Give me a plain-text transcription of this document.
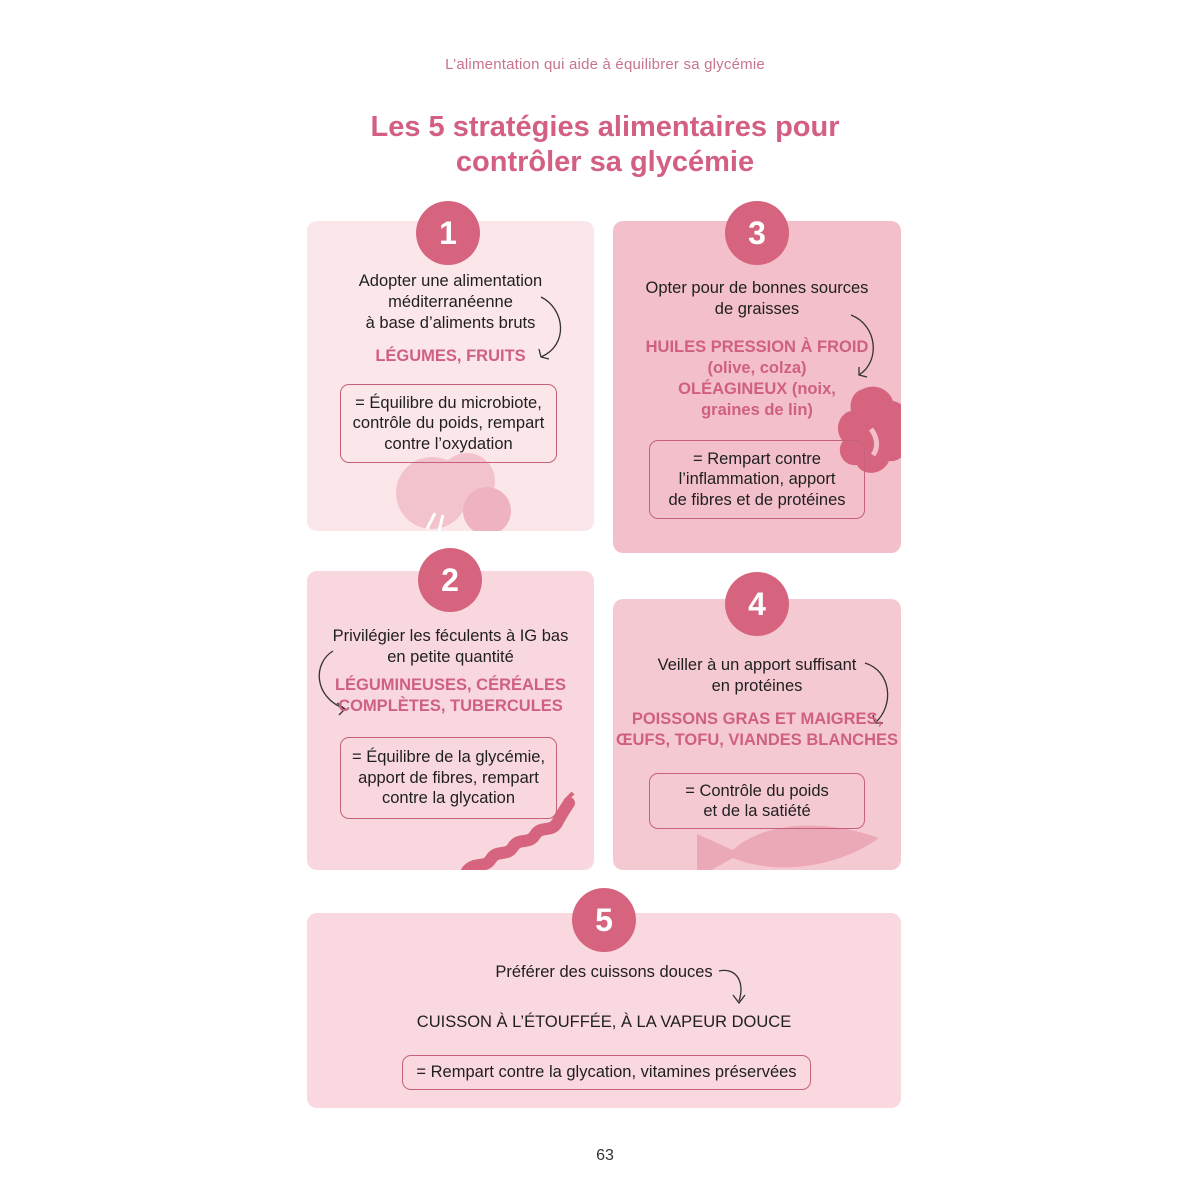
L’alimentation qui aide à équilibrer sa glycémie
Les 5 stratégies alimentaires pour
contrôler sa glycémie
1
Adopter une alimentation
méditerranéenne
à base d’aliments bruts
LÉGUMES, FRUITS
= Équilibre du microbiote,
contrôle du poids, rempart
contre l’oxydation
3
Opter pour de bonnes sources
de graisses
HUILES PRESSION À FROID
(olive, colza)
OLÉAGINEUX (noix,
graines de lin)
= Rempart contre
l’inflammation, apport
de fibres et de protéines
2
Privilégier les féculents à IG bas
en petite quantité
LÉGUMINEUSES, CÉRÉALES
COMPLÈTES, TUBERCULES
= Équilibre de la glycémie,
apport de fibres, rempart
contre la glycation
4
Veiller à un apport suffisant
en protéines
POISSONS GRAS ET MAIGRES,
ŒUFS, TOFU, VIANDES BLANCHES
= Contrôle du poids
et de la satiété
5
Préférer des cuissons douces
CUISSON À L’ÉTOUFFÉE, À LA VAPEUR DOUCE
= Rempart contre la glycation, vitamines préservées
63
